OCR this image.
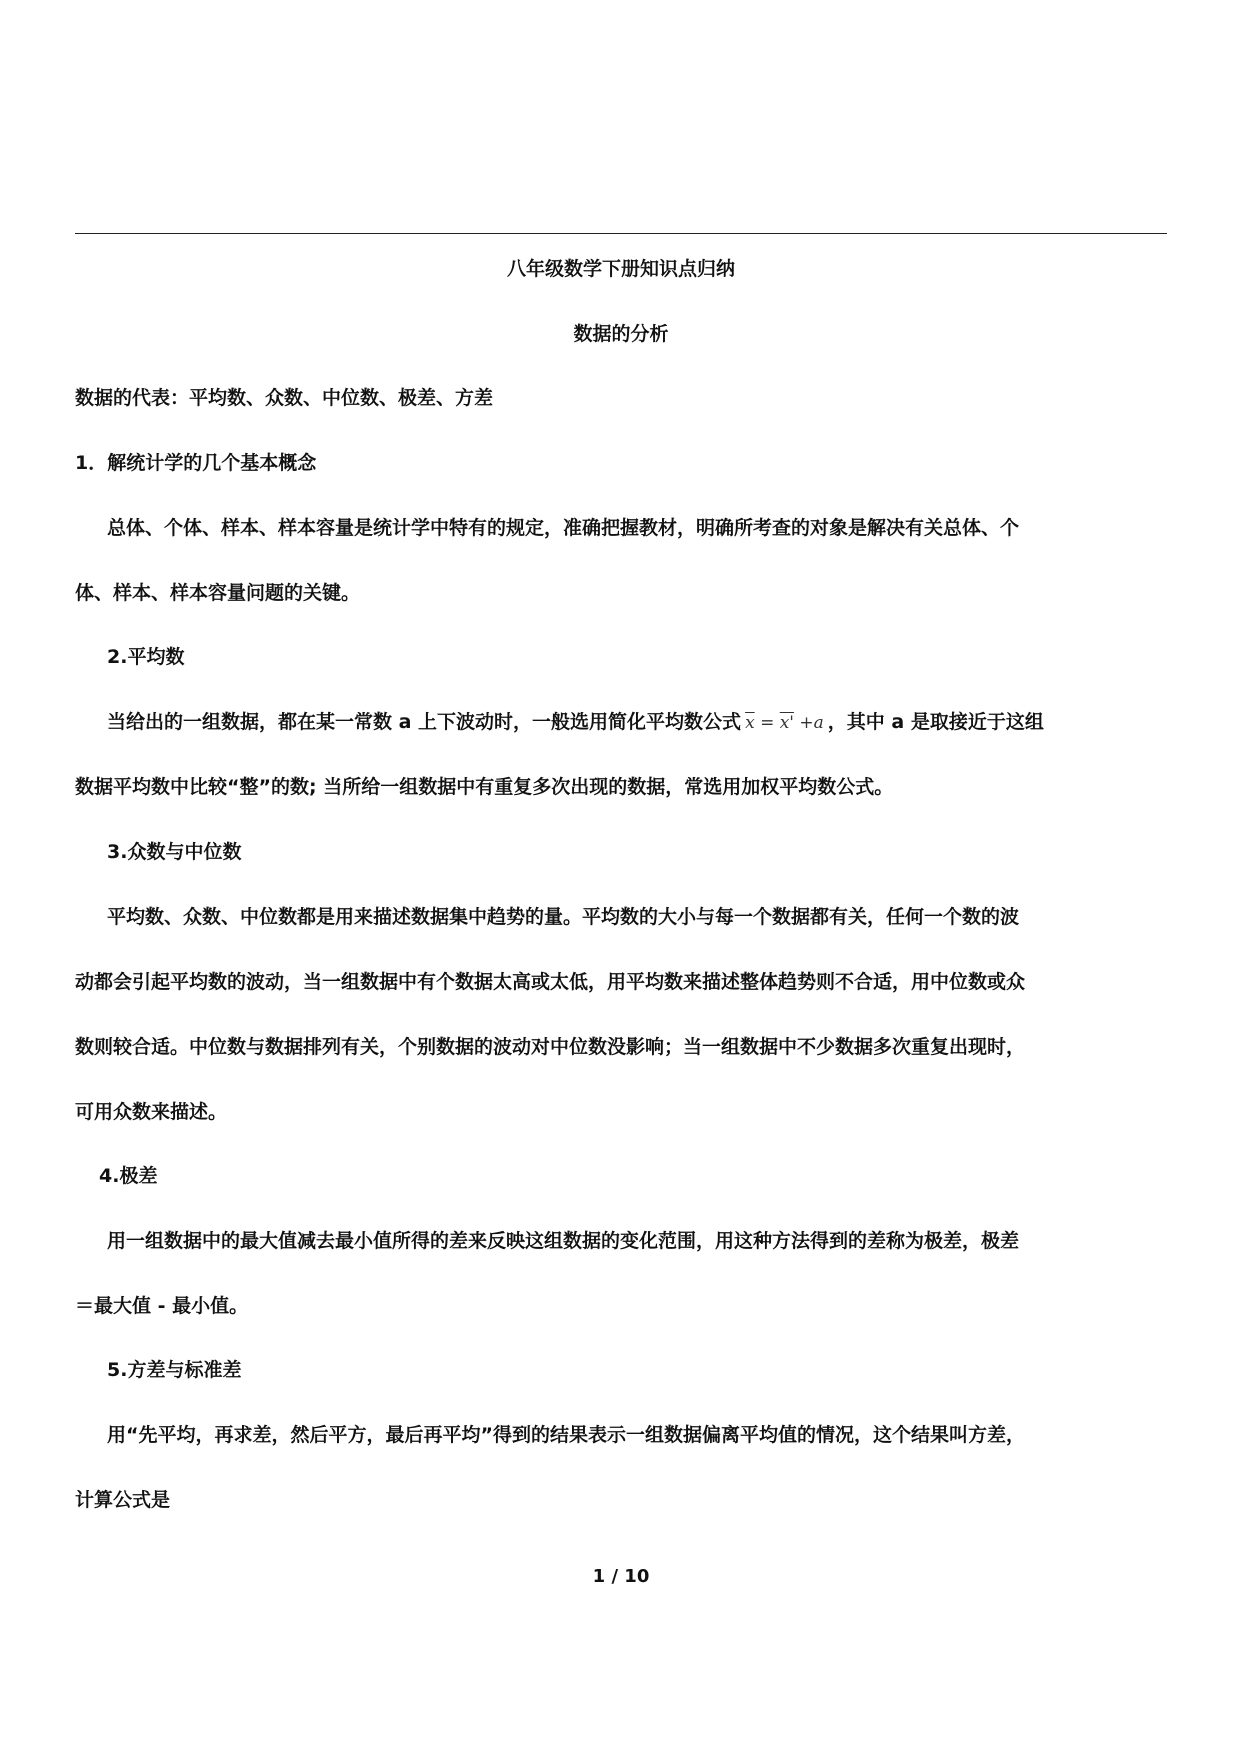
八年级数学下册知识点归纳
数据的分析
数据的代表：平均数、众数、中位数、极差、方差
1．解统计学的几个基本概念
总体、个体、样本、样本容量是统计学中特有的规定，准确把握教材，明确所考查的对象是解决有关总体、个
体、样本、样本容量问题的关键。
2.平均数
当给出的一组数据，都在某一常数 a 上下波动时，一般选用简化平均数公式 $\overline{x} = x' +a$ ，其中 a 是取接近于这组
数据平均数中比较“整”的数; 当所给一组数据中有重复多次出现的数据，常选用加权平均数公式。
3.众数与中位数
平均数、众数、中位数都是用来描述数据集中趋势的量。平均数的大小与每一个数据都有关，任何一个数的波
动都会引起平均数的波动，当一组数据中有个数据太高或太低，用平均数来描述整体趋势则不合适，用中位数或众
数则较合适。中位数与数据排列有关，个别数据的波动对中位数没影响；当一组数据中不少数据多次重复出现时，
可用众数来描述。
4.极差
用一组数据中的最大值减去最小值所得的差来反映这组数据的变化范围，用这种方法得到的差称为极差，极差
＝最大值 - 最小值。
5.方差与标准差
用“先平均，再求差，然后平方，最后再平均”得到的结果表示一组数据偏离平均值的情况，这个结果叫方差，
计算公式是
1 / 10
